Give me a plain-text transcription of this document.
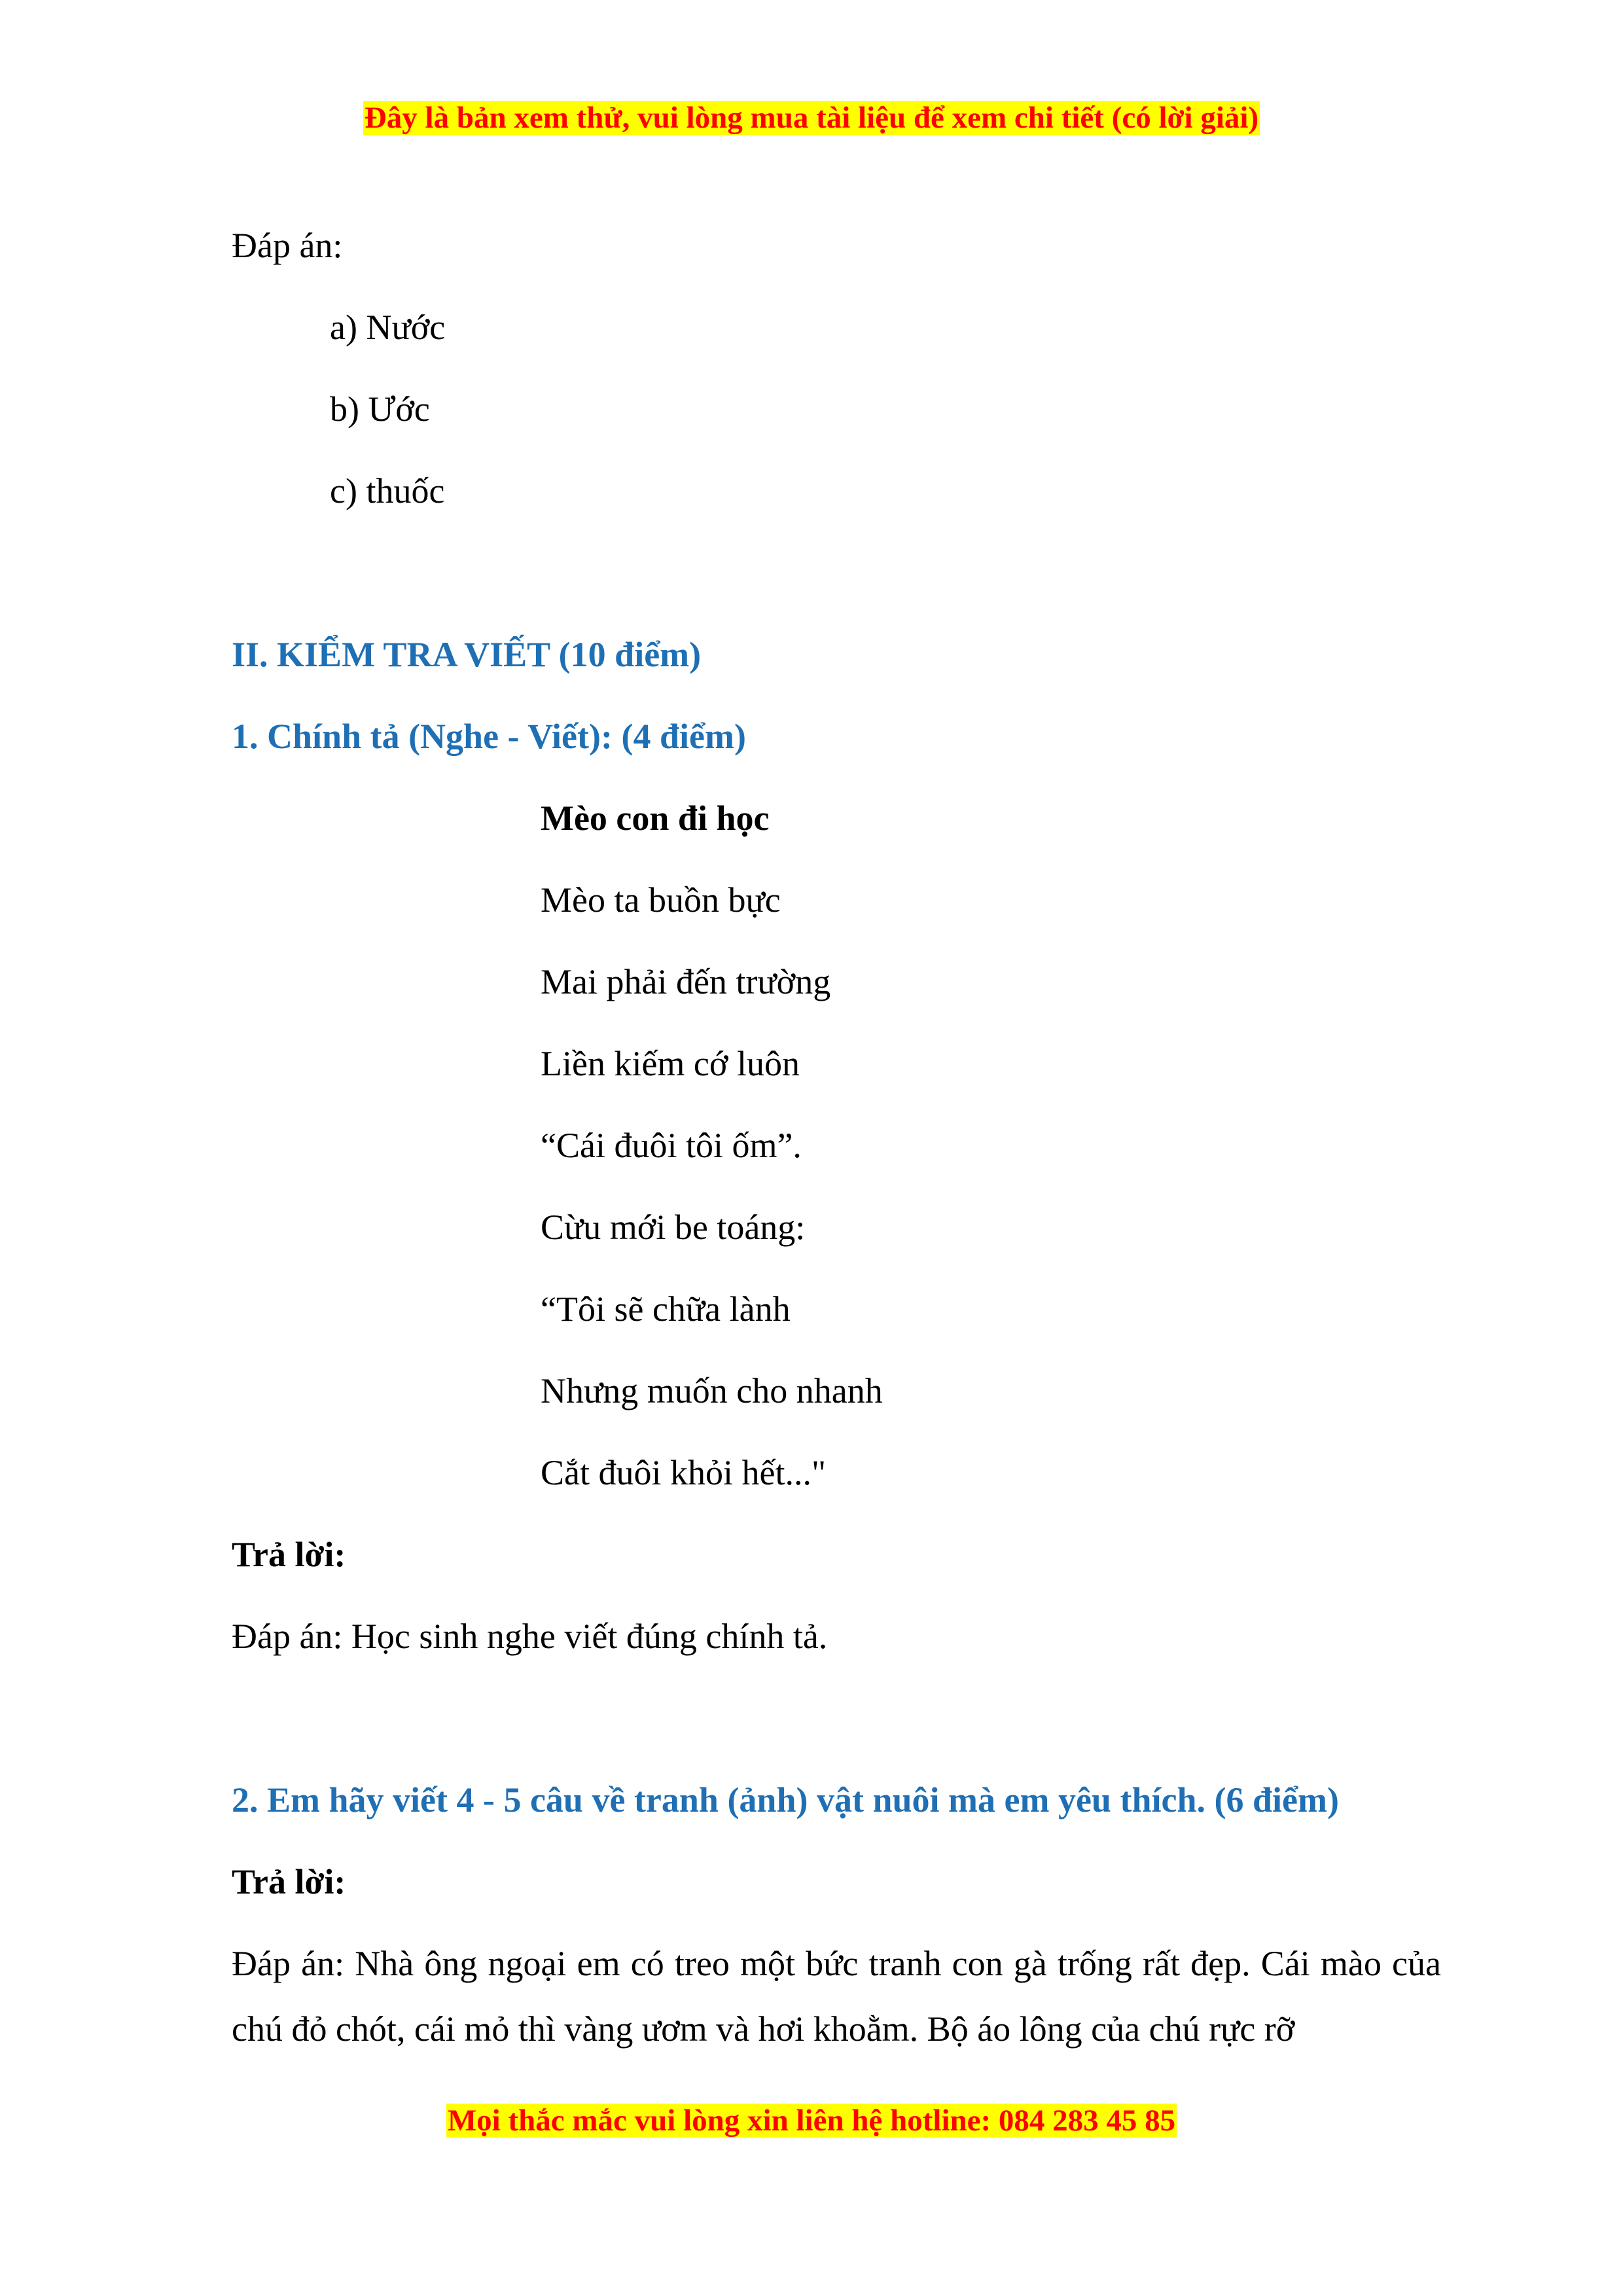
Đây là bản xem thử, vui lòng mua tài liệu để xem chi tiết (có lời giải)
Đáp án:
a) Nước
b) Ước
c) thuốc
II. KIỂM TRA VIẾT (10 điểm)
1. Chính tả (Nghe - Viết): (4 điểm)
Mèo con đi học
Mèo ta buồn bực
Mai phải đến trường
Liền kiếm cớ luôn
“Cái đuôi tôi ốm”.
Cừu mới be toáng:
“Tôi sẽ chữa lành
Nhưng muốn cho nhanh
Cắt đuôi khỏi hết..."
Trả lời:
Đáp án: Học sinh nghe viết đúng chính tả.
2. Em hãy viết 4 - 5 câu về tranh (ảnh) vật nuôi mà em yêu thích. (6 điểm)
Trả lời:
Đáp án: Nhà ông ngoại em có treo một bức tranh con gà trống rất đẹp. Cái mào của chú đỏ chót, cái mỏ thì vàng ươm và hơi khoằm. Bộ áo lông của chú rực rỡ
Mọi thắc mắc vui lòng xin liên hệ hotline: 084 283 45 85
